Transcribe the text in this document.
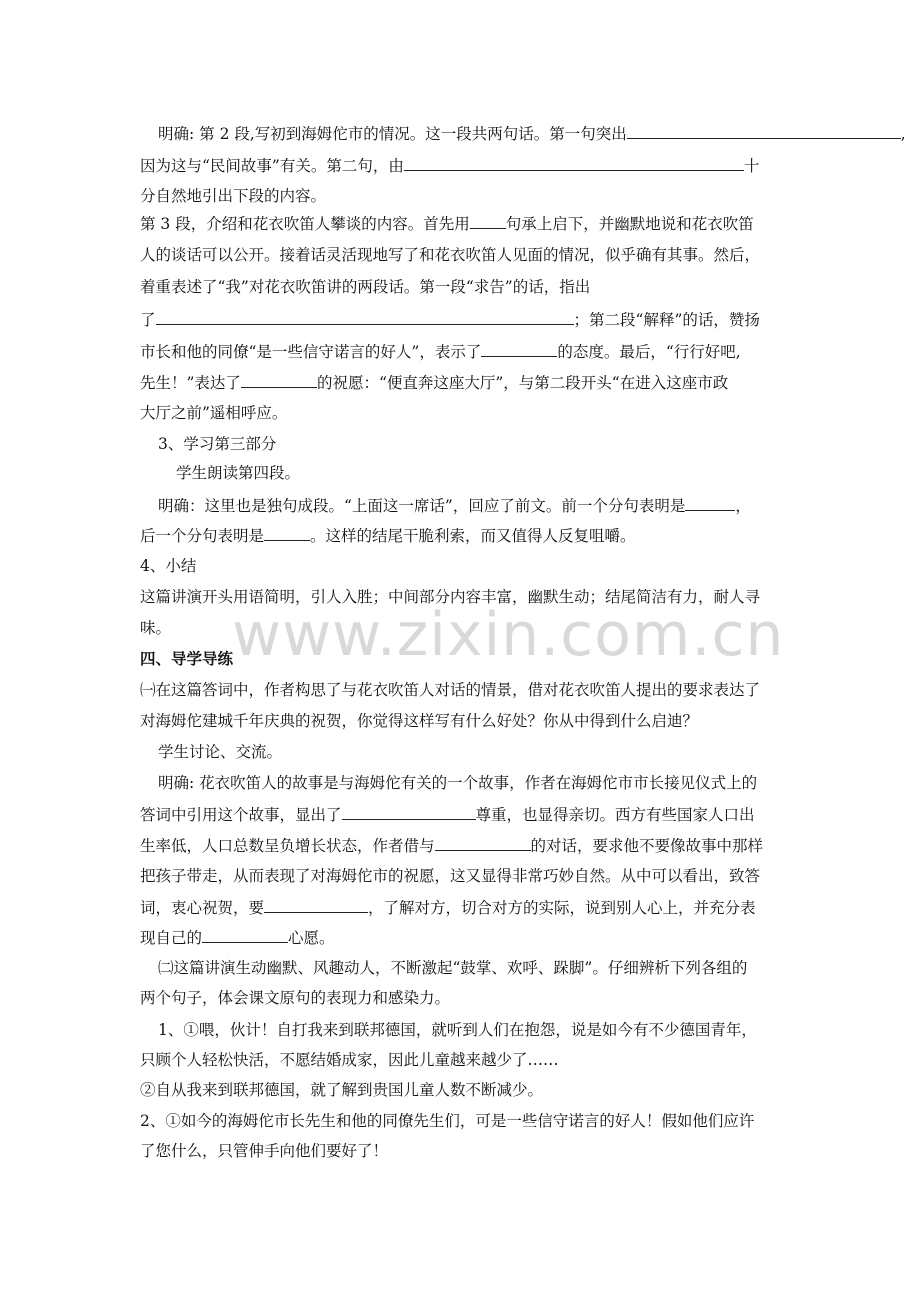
www.zixin.com.cn
明确: 第 2 段,写初到海姆佗市的情况。这一段共两句话。第一句突出	,
因为这与“民间故事”有关。第二句，由	十
分自然地引出下段的内容。
第 3 段，介绍和花衣吹笛人攀谈的内容。首先用 句承上启下，并幽默地说和花衣吹笛
人的谈话可以公开。接着话灵活现地写了和花衣吹笛人见面的情况，似乎确有其事。然后，
着重表述了“我”对花衣吹笛讲的两段话。第一段“求告”的话，指出
了	；第二段“解释”的话，赞扬
市长和他的同僚“是一些信守诺言的好人”，表示了	的态度。最后，“行行好吧,
先生！”表达了	的祝愿：“便直奔这座大厅”，与第二段开头“在进入这座市政
大厅之前”遥相呼应。
3、学习第三部分
学生朗读第四段。
明确：这里也是独句成段。“上面这一席话”，回应了前文。前一个分句表明是	，
后一个分句表明是	。这样的结尾干脆利索，而又值得人反复咀嚼。
4、小结
这篇讲演开头用语简明，引人入胜；中间部分内容丰富，幽默生动；结尾简洁有力，耐人寻
味。
四、导学导练
㈠在这篇答词中，作者构思了与花衣吹笛人对话的情景，借对花衣吹笛人提出的要求表达了
对海姆佗建城千年庆典的祝贺，你觉得这样写有什么好处？你从中得到什么启迪？
学生讨论、交流。
明确: 花衣吹笛人的故事是与海姆佗有关的一个故事，作者在海姆佗市市长接见仪式上的
答词中引用这个故事，显出了	尊重，也显得亲切。西方有些国家人口出
生率低，人口总数呈负增长状态，作者借与	的对话，要求他不要像故事中那样
把孩子带走，从而表现了对海姆佗市的祝愿，这又显得非常巧妙自然。从中可以看出，致答
词，衷心祝贺，要	，了解对方，切合对方的实际，说到别人心上，并充分表
现自己的	心愿。
㈡这篇讲演生动幽默、风趣动人，不断激起“鼓掌、欢呼、跺脚”。仔细辨析下列各组的
两个句子，体会课文原句的表现力和感染力。
1、①喂，伙计！自打我来到联邦德国，就听到人们在抱怨，说是如今有不少德国青年，
只顾个人轻松快活，不愿结婚成家，因此儿童越来越少了……
②自从我来到联邦德国，就了解到贵国儿童人数不断减少。
2、①如今的海姆佗市长先生和他的同僚先生们，可是一些信守诺言的好人！假如他们应许
了您什么，只管伸手向他们要好了！
